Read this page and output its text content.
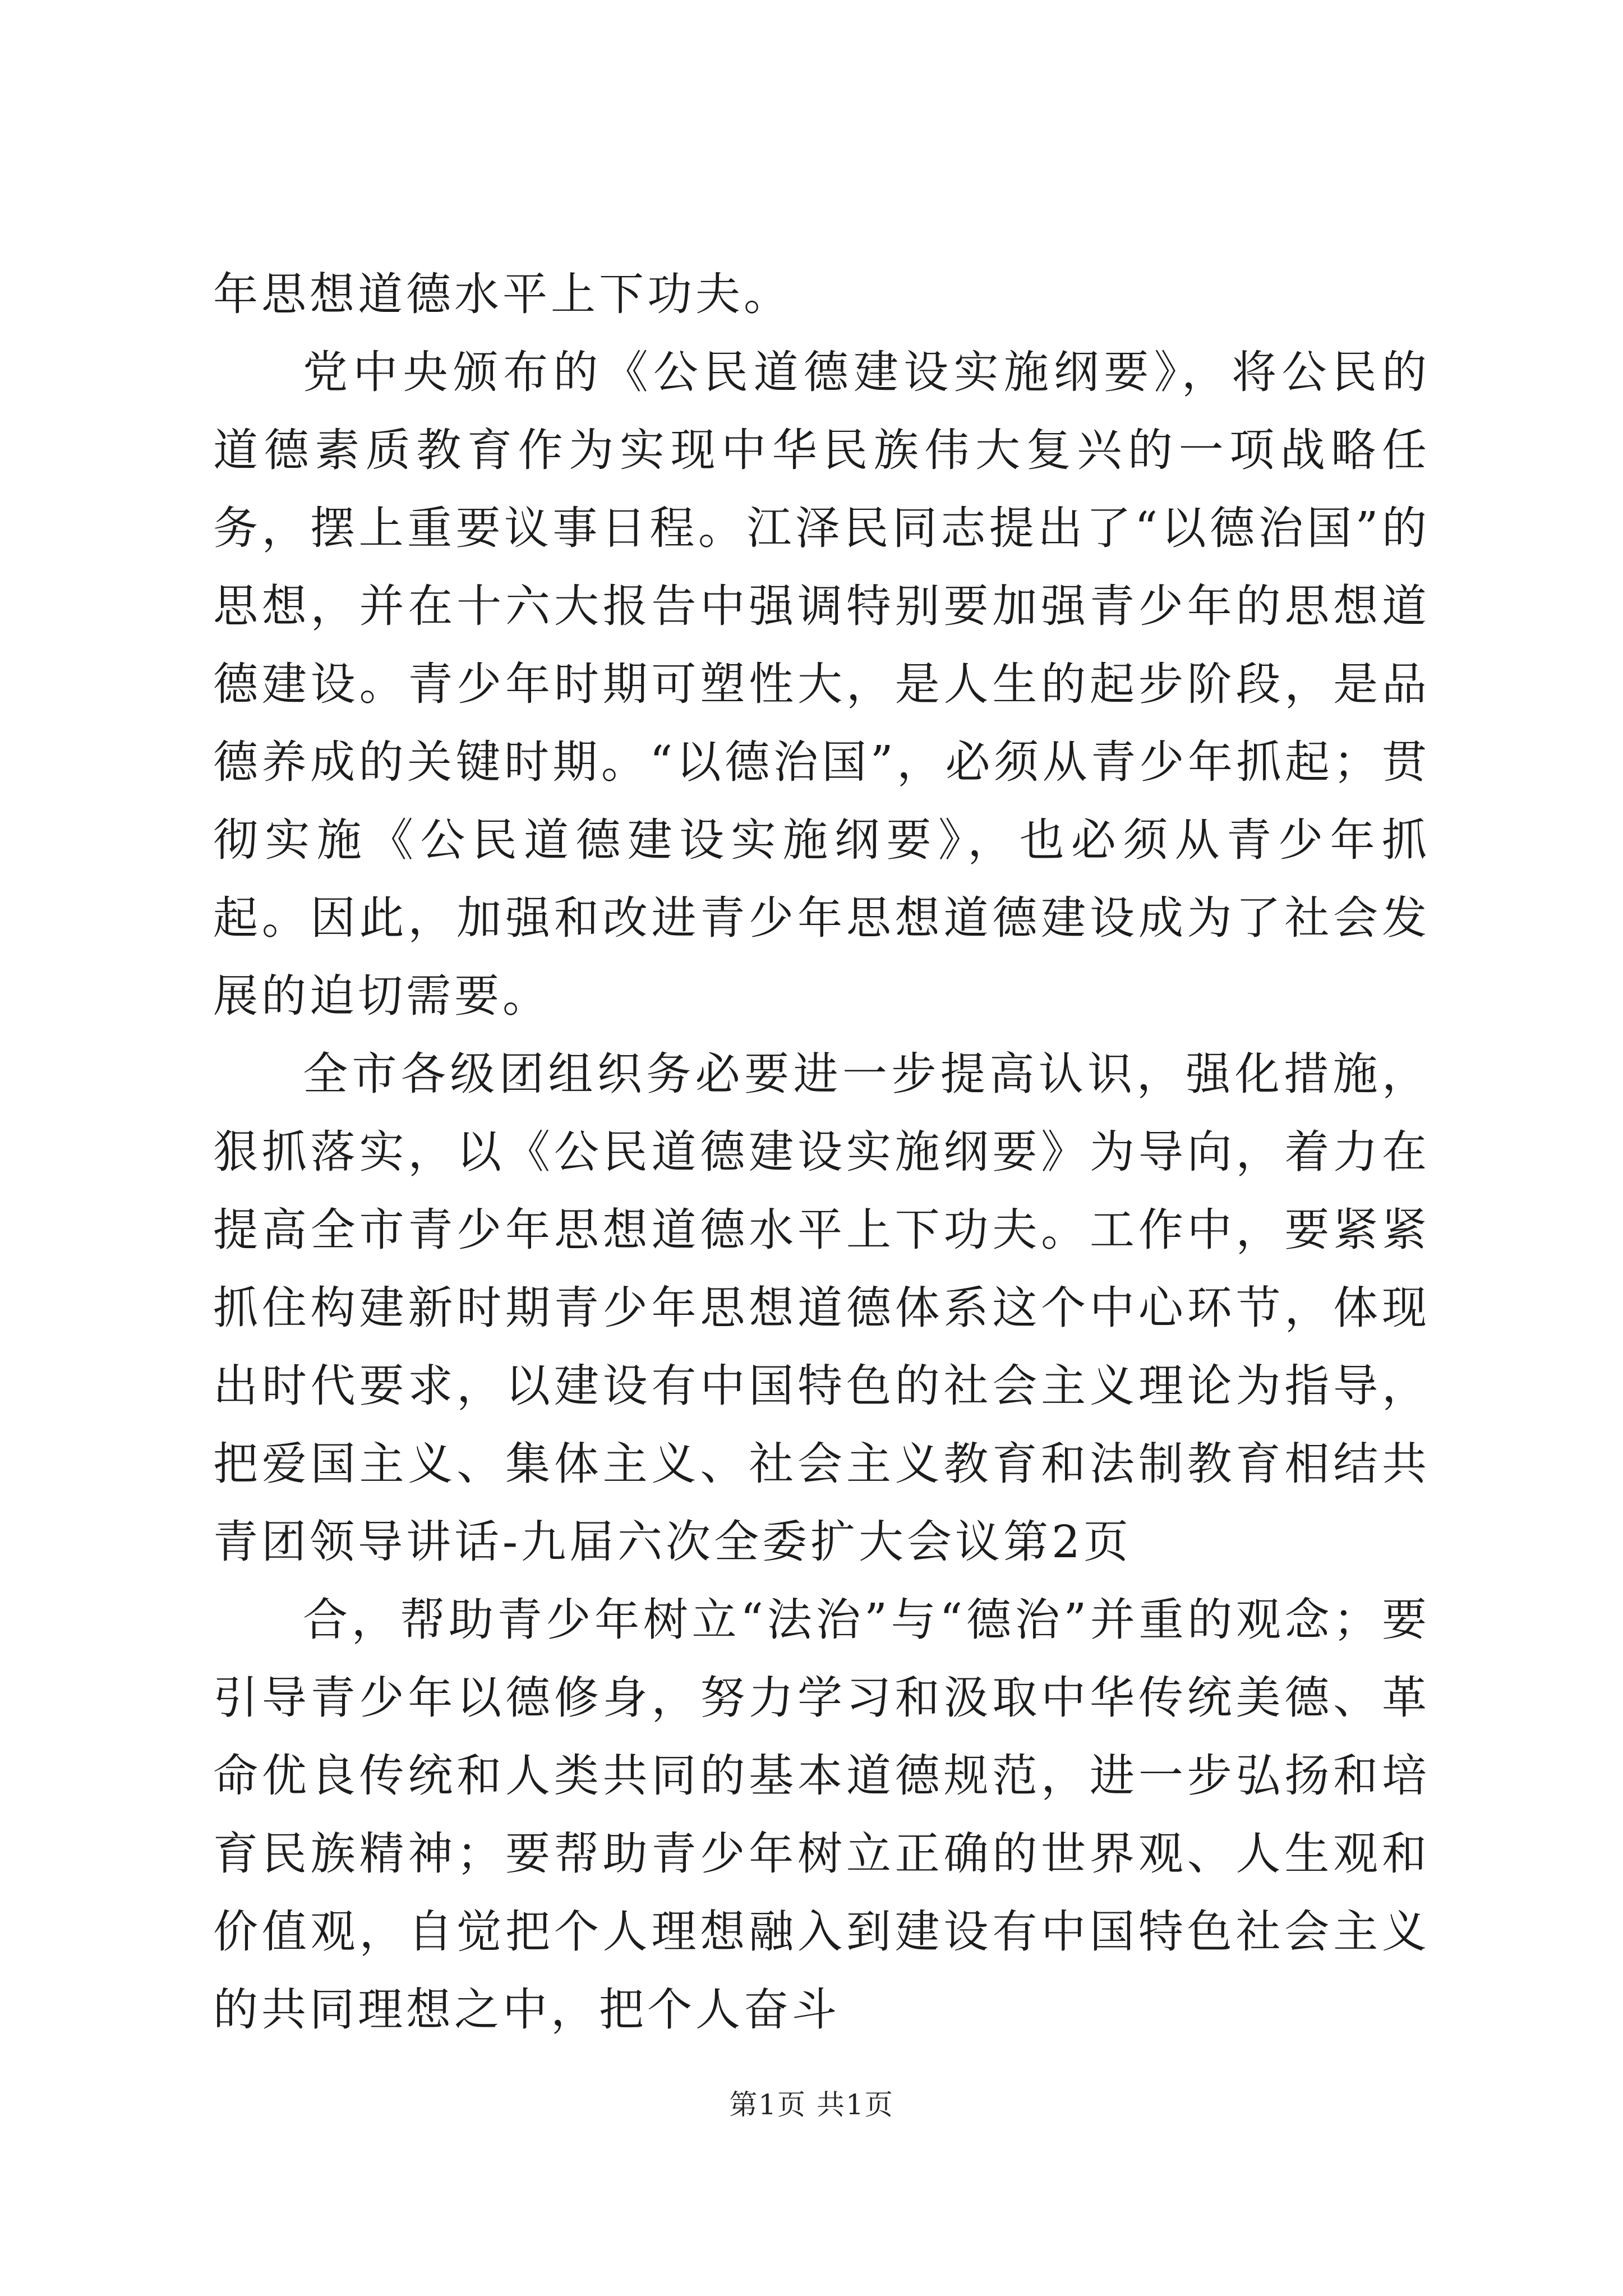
年思想道德水平上下功夫。

党中央颁布的《公民道德建设实施纲要》，将公民的道德素质教育作为实现中华民族伟大复兴的一项战略任务，摆上重要议事日程。江泽民同志提出了“以德治国”的思想，并在十六大报告中强调特别要加强青少年的思想道德建设。青少年时期可塑性大，是人生的起步阶段，是品德养成的关键时期。“以德治国”，必须从青少年抓起；贯彻实施《公民道德建设实施纲要》，也必须从青少年抓起。因此，加强和改进青少年思想道德建设成为了社会发展的迫切需要。

全市各级团组织务必要进一步提高认识，强化措施，狠抓落实，以《公民道德建设实施纲要》为导向，着力在提高全市青少年思想道德水平上下功夫。工作中，要紧紧抓住构建新时期青少年思想道德体系这个中心环节，体现出时代要求，以建设有中国特色的社会主义理论为指导，把爱国主义、集体主义、社会主义教育和法制教育相结共青团领导讲话-九届六次全委扩大会议第2页

合，帮助青少年树立“法治”与“德治”并重的观念；要引导青少年以德修身，努力学习和汲取中华传统美德、革命优良传统和人类共同的基本道德规范，进一步弘扬和培育民族精神；要帮助青少年树立正确的世界观、人生观和价值观，自觉把个人理想融入到建设有中国特色社会主义的共同理想之中，把个人奋斗

第1页 共1页
